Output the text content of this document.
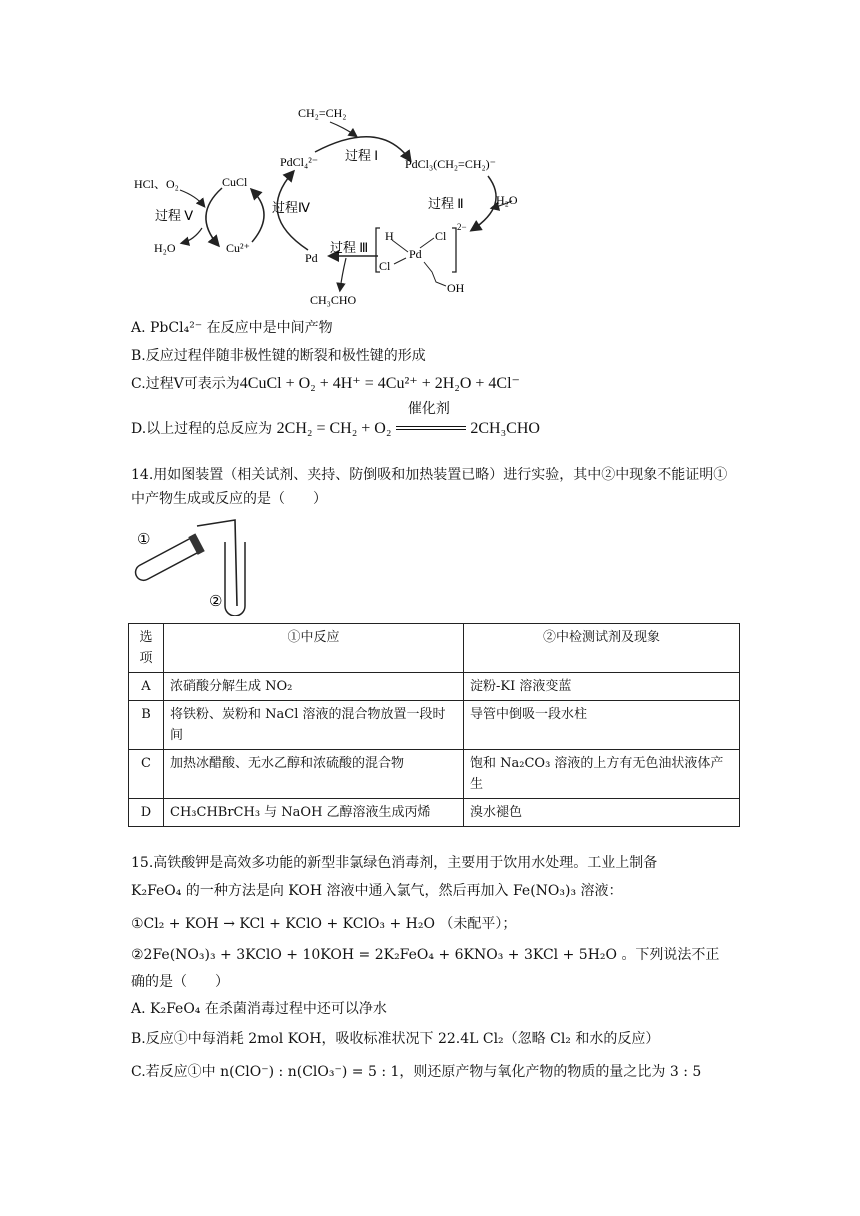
CH₂=CH₂
PdCl₄²⁻ 过程 Ⅰ
PdCl₃(CH₂=CH₂)⁻
过程 Ⅱ	H₂O
过程 Ⅲ
Pd
CH₃CHO
过程Ⅳ
CuCl
Cu²⁺
HCl、O₂
过程 Ⅴ
H₂O
H
Pd
Cl
Cl
OH
2−
A. PbCl₄²⁻ 在反应中是中间产物
B.反应过程伴随非极性键的断裂和极性键的形成
C.过程Ⅴ可表示为4CuCl + O₂ + 4H⁺ = 4Cu²⁺ + 2H₂O + 4Cl⁻
D.以上过程的总反应为 2CH₂ = CH₂ + O₂
催化剂
2CH₃CHO
14.用如图装置（相关试剂、夹持、防倒吸和加热装置已略）进行实验，其中②中现象不能证明①中产物生成或反应的是（　　）
①
②
选项	①中反应	②中检测试剂及现象
A	浓硝酸分解生成 NO₂	淀粉-KI 溶液变蓝
B	将铁粉、炭粉和 NaCl 溶液的混合物放置一段时间	导管中倒吸一段水柱
C	加热冰醋酸、无水乙醇和浓硫酸的混合物	饱和 Na₂CO₃ 溶液的上方有无色油状液体产生
D	CH₃CHBrCH₃ 与 NaOH 乙醇溶液生成丙烯	溴水褪色
15.高铁酸钾是高效多功能的新型非氯绿色消毒剂，主要用于饮用水处理。工业上制备
K₂FeO₄ 的一种方法是向 KOH 溶液中通入氯气，然后再加入 Fe(NO₃)₃ 溶液：
①Cl₂ + KOH → KCl + KClO + KClO₃ + H₂O （未配平）；
②2Fe(NO₃)₃ + 3KClO + 10KOH = 2K₂FeO₄ + 6KNO₃ + 3KCl + 5H₂O 。下列说法不正
确的是（　　）
A. K₂FeO₄ 在杀菌消毒过程中还可以净水
B.反应①中每消耗 2mol KOH，吸收标准状况下 22.4L Cl₂（忽略 Cl₂ 和水的反应）
C.若反应①中 n(ClO⁻) : n(ClO₃⁻) = 5 : 1，则还原产物与氧化产物的物质的量之比为 3 : 5
